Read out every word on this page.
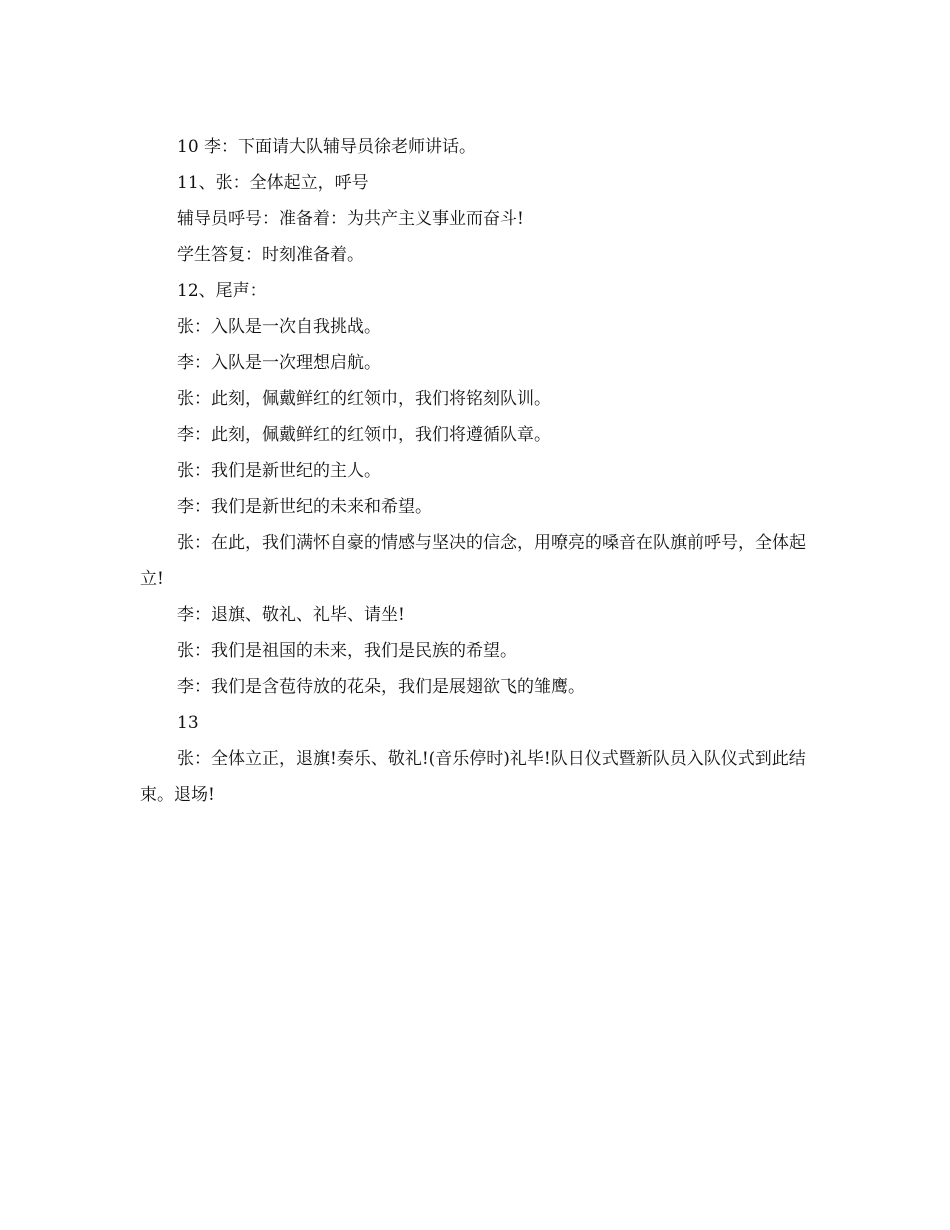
10 李：下面请大队辅导员徐老师讲话。

11、张：全体起立，呼号

辅导员呼号：准备着：为共产主义事业而奋斗!

学生答复：时刻准备着。

12、尾声：

张：入队是一次自我挑战。

李：入队是一次理想启航。

张：此刻，佩戴鲜红的红领巾，我们将铭刻队训。

李：此刻，佩戴鲜红的红领巾，我们将遵循队章。

张：我们是新世纪的主人。

李：我们是新世纪的未来和希望。

张：在此，我们满怀自豪的情感与坚决的信念，用嘹亮的嗓音在队旗前呼号，全体起立!

李：退旗、敬礼、礼毕、请坐!

张：我们是祖国的未来，我们是民族的希望。

李：我们是含苞待放的花朵，我们是展翅欲飞的雏鹰。

13

张：全体立正，退旗!奏乐、敬礼!(音乐停时)礼毕!队日仪式暨新队员入队仪式到此结束。退场!
